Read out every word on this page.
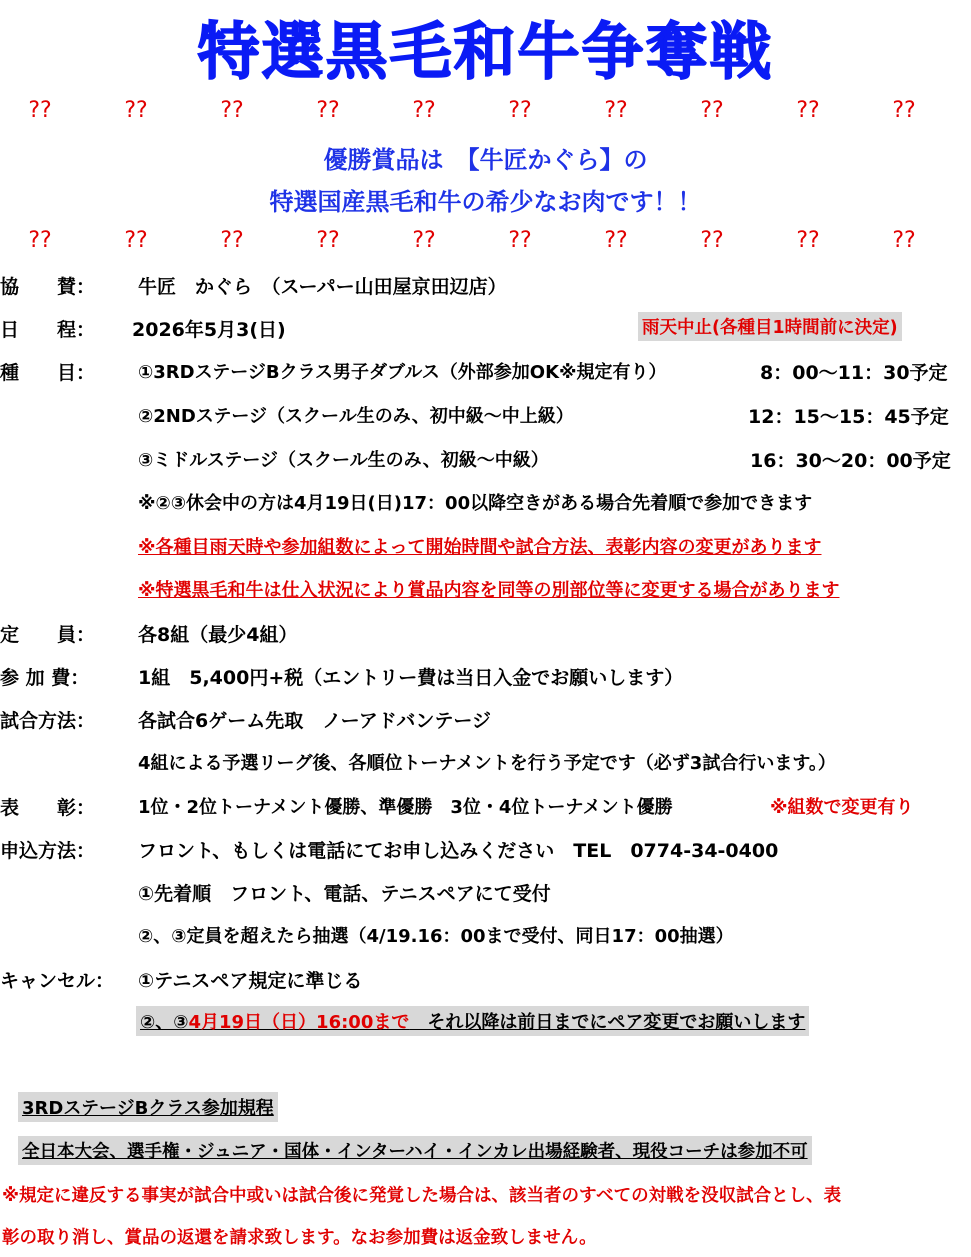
特選黒毛和牛争奪戦
??	??	??	??	??	??	??	??	??	??
優勝賞品は　【牛匠かぐら】の
特選国産黒毛和牛の希少なお肉です！！
??	??	??	??	??	??	??	??	??	??
協　　賛： 牛匠　かぐら　（スーパー山田屋京田辺店）
日　　程： 2026年5月3(日)	雨天中止(各種目1時間前に決定)
種　　目： ①3RDステージBクラス男子ダブルス（外部参加OK※規定有り）	8：00～11：30予定
②2NDステージ（スクール生のみ、初中級～中上級）	12：15～15：45予定
③ミドルステージ（スクール生のみ、初級～中級）	16：30～20：00予定
※②③休会中の方は4月19日(日)17：00以降空きがある場合先着順で参加できます
※各種目雨天時や参加組数によって開始時間や試合方法、表彰内容の変更があります
※特選黒毛和牛は仕入状況により賞品内容を同等の別部位等に変更する場合があります
定　　員： 各8組（最少4組）
参 加 費：	1組　5,400円+税（エントリー費は当日入金でお願いします）
試合方法： 各試合6ゲーム先取　ノーアドバンテージ
4組による予選リーグ後、各順位トーナメントを行う予定です（必ず3試合行います。）
表　　彰： 1位・2位トーナメント優勝、準優勝　3位・4位トーナメント優勝	※組数で変更有り
申込方法： フロント、もしくは電話にてお申し込みください　TEL　0774-34-0400
①先着順　フロント、電話、テニスペアにて受付
②、③定員を超えたら抽選（4/19.16：00まで受付、同日17：00抽選）
キャンセル： ①テニスペア規定に準じる
②、③4月19日（日）16:00まで　それ以降は前日までにペア変更でお願いします
3RDステージBクラス参加規程
全日本大会、選手権・ジュニア・国体・インターハイ・インカレ出場経験者、現役コーチは参加不可
※規定に違反する事実が試合中或いは試合後に発覚した場合は、該当者のすべての対戦を没収試合とし、表
彰の取り消し、賞品の返還を請求致します。なお参加費は返金致しません。
